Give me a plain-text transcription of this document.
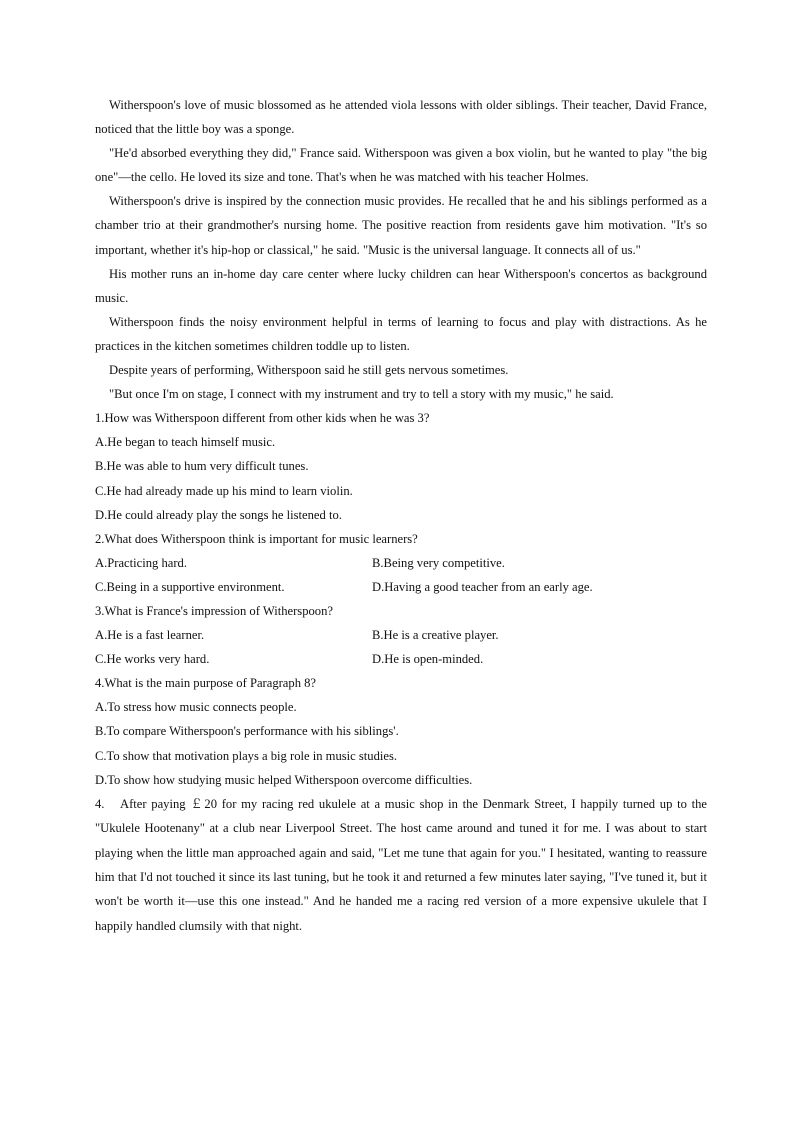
Witherspoon's love of music blossomed as he attended viola lessons with older siblings. Their teacher, David France, noticed that the little boy was a sponge.

"He'd absorbed everything they did," France said. Witherspoon was given a box violin, but he wanted to play "the big one"—the cello. He loved its size and tone. That's when he was matched with his teacher Holmes.

Witherspoon's drive is inspired by the connection music provides. He recalled that he and his siblings performed as a chamber trio at their grandmother's nursing home. The positive reaction from residents gave him motivation. "It's so important, whether it's hip-hop or classical," he said. "Music is the universal language. It connects all of us."

His mother runs an in-home day care center where lucky children can hear Witherspoon's concertos as background music.

Witherspoon finds the noisy environment helpful in terms of learning to focus and play with distractions. As he practices in the kitchen sometimes children toddle up to listen.

Despite years of performing, Witherspoon said he still gets nervous sometimes.

"But once I'm on stage, I connect with my instrument and try to tell a story with my music," he said.

1.How was Witherspoon different from other kids when he was 3?

A.He began to teach himself music.

B.He was able to hum very difficult tunes.

C.He had already made up his mind to learn violin.

D.He could already play the songs he listened to.

2.What does Witherspoon think is important for music learners?

A.Practicing hard.	B.Being very competitive.
C.Being in a supportive environment.	D.Having a good teacher from an early age.

3.What is France's impression of Witherspoon?

A.He is a fast learner.	B.He is a creative player.
C.He works very hard.	D.He is open-minded.

4.What is the main purpose of Paragraph 8?

A.To stress how music connects people.

B.To compare Witherspoon's performance with his siblings'.

C.To show that motivation plays a big role in music studies.

D.To show how studying music helped Witherspoon overcome difficulties.

4. After paying ￡20 for my racing red ukulele at a music shop in the Denmark Street, I happily turned up to the "Ukulele Hootenany" at a club near Liverpool Street. The host came around and tuned it for me. I was about to start playing when the little man approached again and said, "Let me tune that again for you." I hesitated, wanting to reassure him that I'd not touched it since its last tuning, but he took it and returned a few minutes later saying, "I've tuned it, but it won't be worth it—use this one instead." And he handed me a racing red version of a more expensive ukulele that I happily handled clumsily with that night.
